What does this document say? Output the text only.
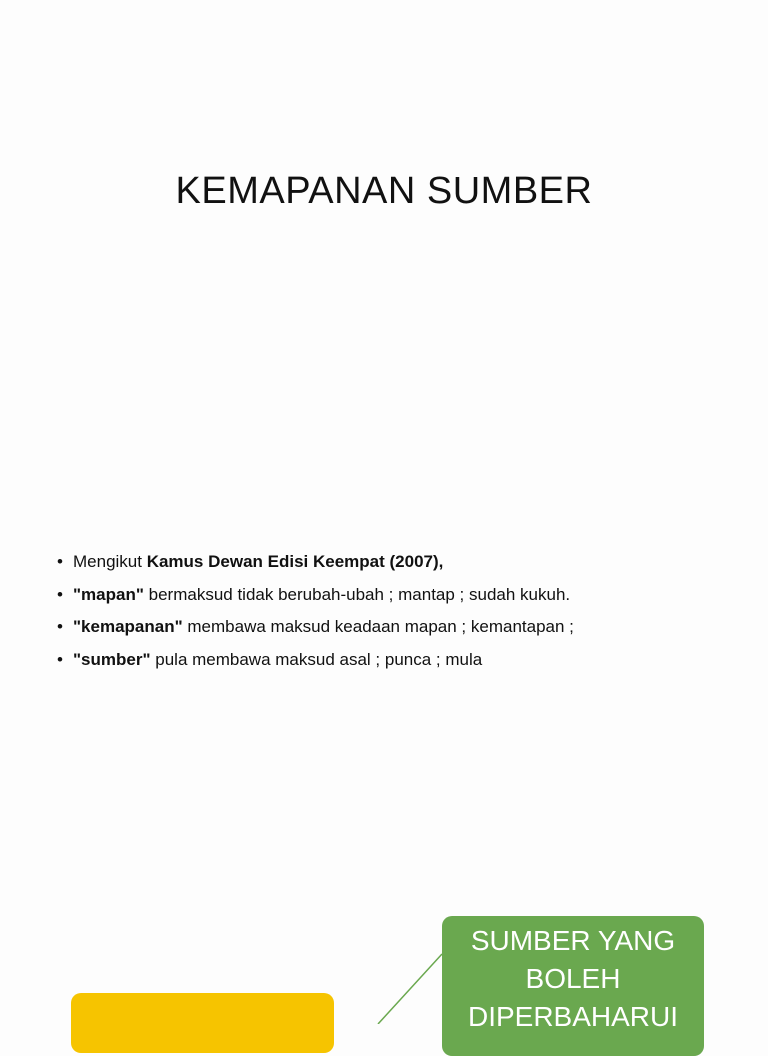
KEMAPANAN SUMBER
• Mengikut Kamus Dewan Edisi Keempat (2007),
• "mapan" bermaksud tidak berubah-ubah ; mantap ; sudah kukuh.
• "kemapanan" membawa maksud keadaan mapan ; kemantapan ;
• "sumber" pula membawa maksud asal ; punca ; mula
SUMBER YANG
BOLEH
DIPERBAHARUI
